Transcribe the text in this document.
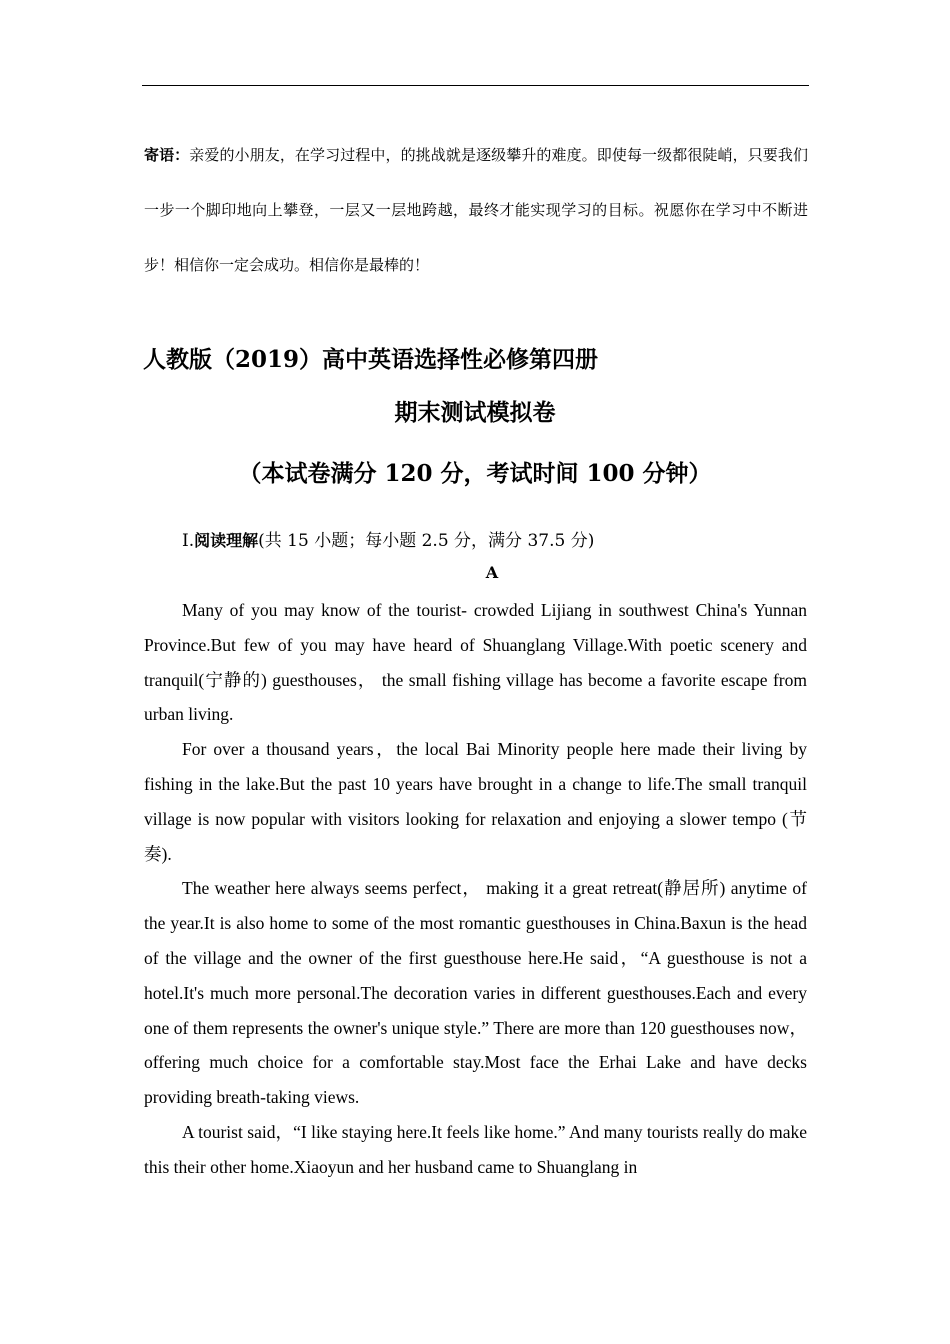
寄语：亲爱的小朋友，在学习过程中，的挑战就是逐级攀升的难度。即使每一级都很陡峭，只要我们一步一个脚印地向上攀登，一层又一层地跨越，最终才能实现学习的目标。祝愿你在学习中不断进步！相信你一定会成功。相信你是最棒的！
人教版（2019）高中英语选择性必修第四册
期末测试模拟卷
（本试卷满分 120 分，考试时间 100 分钟）
Ⅰ.阅读理解(共 15 小题；每小题 2.5 分，满分 37.5 分)
A

Many of you may know of the tourist- crowded Lijiang in southwest China's Yunnan Province.But few of you may have heard of Shuanglang Village.With poetic scenery and tranquil(宁静的) guesthouses， the small fishing village has become a favorite escape from urban living.

For over a thousand years，the local Bai Minority people here made their living by fishing in the lake.But the past 10 years have brought in a change to life.The small tranquil village is now popular with visitors looking for relaxation and enjoying a slower tempo (节奏).

The weather here always seems perfect， making it a great retreat(静居所) anytime of the year.It is also home to some of the most romantic guesthouses in China.Baxun is the head of the village and the owner of the first guesthouse here.He said，“A guesthouse is not a hotel.It's much more personal.The decoration varies in different guesthouses.Each and every one of them represents the owner's unique style.” There are more than 120 guesthouses now， offering much choice for a comfortable stay.Most face the Erhai Lake and have decks providing breath-taking views.

A tourist said，“I like staying here.It feels like home.” And many tourists really do make this their other home.Xiaoyun and her husband came to Shuanglang in
